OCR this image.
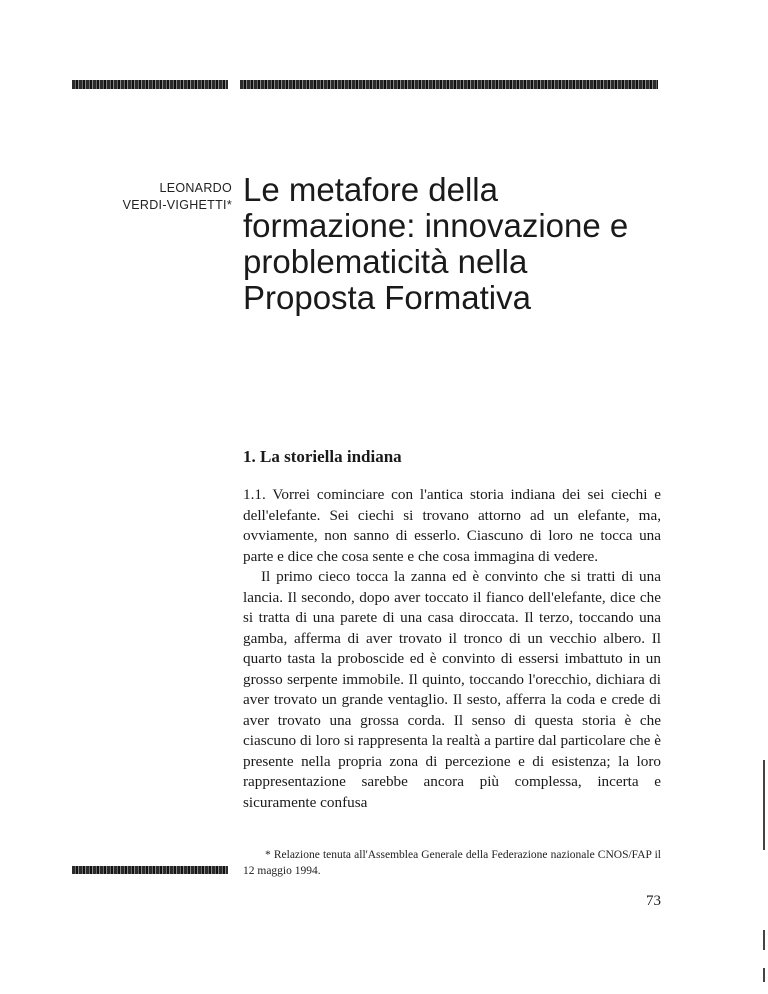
LEONARDO
VERDI-VIGHETTI* Le metafore della
formazione: innovazione e
problematicità nella
Proposta Formativa
1. La storiella indiana

1.1. Vorrei cominciare con l'antica storia indiana dei sei ciechi e dell'elefante. Sei ciechi si trovano attorno ad un elefante, ma, ovviamente, non sanno di esserlo. Ciascuno di loro ne tocca una parte e dice che cosa sente e che cosa immagina di vedere.

Il primo cieco tocca la zanna ed è convinto che si tratti di una lancia. Il secondo, dopo aver toccato il fianco dell'elefante, dice che si tratta di una parete di una casa diroccata. Il terzo, toccando una gamba, afferma di aver trovato il tronco di un vecchio albero. Il quarto tasta la proboscide ed è convinto di essersi imbattuto in un grosso serpente immobile. Il quinto, toccando l'orecchio, dichiara di aver trovato un grande ventaglio. Il sesto, afferra la coda e crede di aver trovato una grossa corda. Il senso di questa storia è che ciascuno di loro si rappresenta la realtà a partire dal particolare che è presente nella propria zona di percezione e di esistenza; la loro rappresentazione sarebbe ancora più complessa, incerta e sicuramente confusa

* Relazione tenuta all'Assemblea Generale della Federazione nazionale CNOS/FAP il 12 maggio 1994.

73
